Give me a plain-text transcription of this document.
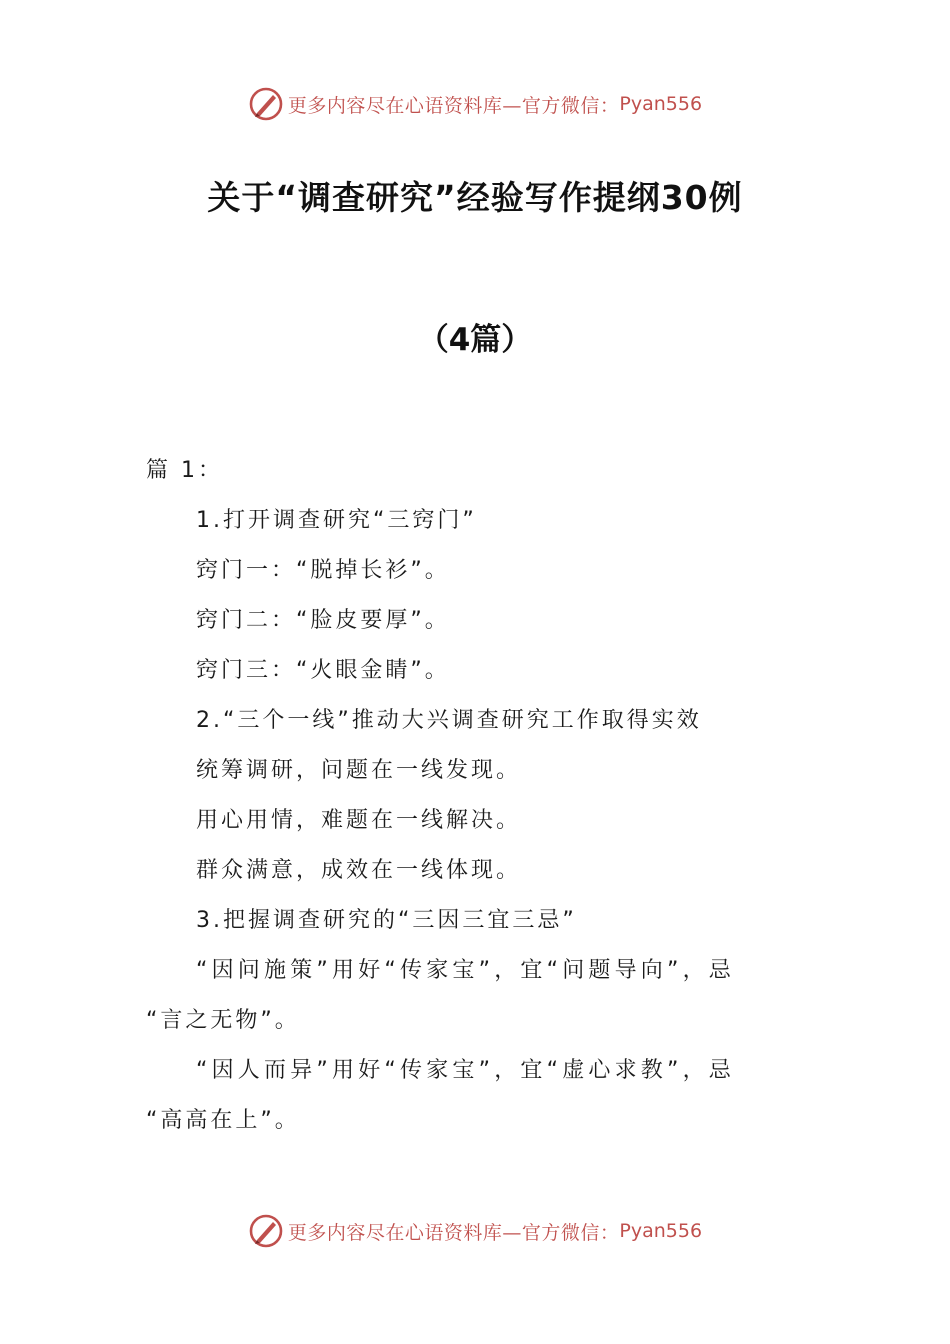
更多内容尽在心语资料库—官方微信： Pyan556
关于“调查研究”经验写作提纲30例
（4篇）
篇 1：
1.打开调查研究“三窍门”
窍门一：“脱掉长衫”。
窍门二：“脸皮要厚”。
窍门三：“火眼金睛”。
2.“三个一线”推动大兴调查研究工作取得实效
统筹调研，问题在一线发现。
用心用情，难题在一线解决。
群众满意，成效在一线体现。
3.把握调查研究的“三因三宜三忌”
“因问施策”用好“传家宝”，宜“问题导向”，忌
“言之无物”。
“因人而异”用好“传家宝”，宜“虚心求教”，忌
“高高在上”。
更多内容尽在心语资料库—官方微信： Pyan556
